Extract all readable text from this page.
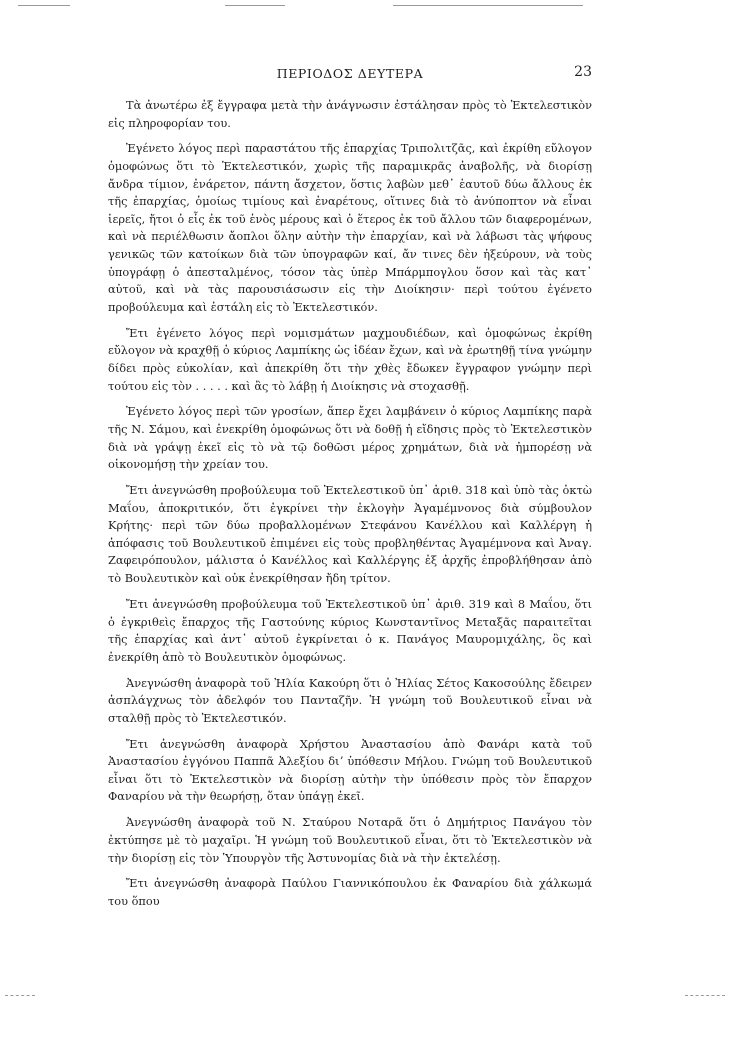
ΠΕΡΙΟΔΟΣ ΔΕΥΤΕΡΑ	23

Τὰ ἀνωτέρω ἐξ ἔγγραφα μετὰ τὴν ἀνάγνωσιν ἐστάλησαν πρὸς τὸ Ἐκτελεστικὸν εἰς πληροφορίαν του.

Ἐγένετο λόγος περὶ παραστάτου τῆς ἐπαρχίας Τριπολιτζᾶς, καὶ ἐκρίθη εὔλογον ὁμοφώνως ὅτι τὸ Ἐκτελεστικόν, χωρὶς τῆς παραμικρᾶς ἀναβολῆς, νὰ διορίσῃ ἄνδρα τίμιον, ἐνάρετον, πάντη ἄσχετον, ὅστις λαβὼν μεθ᾽ ἑαυτοῦ δύω ἄλλους ἐκ τῆς ἐπαρχίας, ὁμοίως τιμίους καὶ ἐναρέτους, οἵτινες διὰ τὸ ἀνύποπτον νὰ εἶναι ἱερεῖς, ἤτοι ὁ εἷς ἐκ τοῦ ἑνὸς μέρους καὶ ὁ ἕτερος ἐκ τοῦ ἄλλου τῶν διαφερομένων, καὶ νὰ περιέλθωσιν ἄοπλοι ὅλην αὐτὴν τὴν ἐπαρχίαν, καὶ νὰ λάβωσι τὰς ψήφους γενικῶς τῶν κατοίκων διὰ τῶν ὑπογραφῶν καί, ἄν τινες δὲν ἠξεύρουν, νὰ τοὺς ὑπογράφῃ ὁ ἀπεσταλμένος, τόσον τὰς ὑπὲρ Μπάρμπογλου ὅσον καὶ τὰς κατ᾽ αὐτοῦ, καὶ νὰ τὰς παρουσιάσωσιν εἰς τὴν Διοίκησιν· περὶ τούτου ἐγένετο προβούλευμα καὶ ἐστάλη εἰς τὸ Ἐκτελεστικόν.

Ἔτι ἐγένετο λόγος περὶ νομισμάτων μαχμουδιέδων, καὶ ὁμοφώνως ἐκρίθη εὔλογον νὰ κραχθῇ ὁ κύριος Λαμπίκης ὡς ἰδέαν ἔχων, καὶ νὰ ἐρωτηθῇ τίνα γνώμην δίδει πρὸς εὐκολίαν, καὶ ἀπεκρίθη ὅτι τὴν χθὲς ἔδωκεν ἔγγραφον γνώμην περὶ τούτου εἰς τὸν . . . . . καὶ ἂς τὸ λάβῃ ἡ Διοίκησις νὰ στοχασθῇ.

Ἐγένετο λόγος περὶ τῶν γροσίων, ἅπερ ἔχει λαμβάνειν ὁ κύριος Λαμπίκης παρὰ τῆς Ν. Σάμου, καὶ ἐνεκρίθη ὁμοφώνως ὅτι νὰ δοθῇ ἡ εἴδησις πρὸς τὸ Ἐκτελεστικὸν διὰ νὰ γράψῃ ἐκεῖ εἰς τὸ νὰ τῷ δοθῶσι μέρος χρημάτων, διὰ νὰ ἠμπορέσῃ νὰ οἰκονομήσῃ τὴν χρείαν του.

Ἔτι ἀνεγνώσθη προβούλευμα τοῦ Ἐκτελεστικοῦ ὑπ᾽ ἀριθ. 318 καὶ ὑπὸ τὰς ὀκτὼ Μαΐου, ἀποκριτικόν, ὅτι ἐγκρίνει τὴν ἐκλογὴν Ἀγαμέμνονος διὰ σύμβουλον Κρήτης· περὶ τῶν δύω προβαλλομένων Στεφάνου Κανέλλου καὶ Καλλέργη ἡ ἀπόφασις τοῦ Βουλευτικοῦ ἐπιμένει εἰς τοὺς προβληθέντας Ἀγαμέμνονα καὶ Ἀναγ. Ζαφειρόπουλον, μάλιστα ὁ Κανέλλος καὶ Καλλέργης ἐξ ἀρχῆς ἐπροβλήθησαν ἀπὸ τὸ Βουλευτικὸν καὶ οὐκ ἐνεκρίθησαν ἤδη τρίτον.

Ἔτι ἀνεγνώσθη προβούλευμα τοῦ Ἐκτελεστικοῦ ὑπ᾽ ἀριθ. 319 καὶ 8 Μαΐου, ὅτι ὁ ἐγκριθεὶς ἔπαρχος τῆς Γαστούνης κύριος Κωνσταντῖνος Μεταξᾶς παραιτεῖται τῆς ἐπαρχίας καὶ ἀντ᾽ αὐτοῦ ἐγκρίνεται ὁ κ. Πανάγος Μαυρομιχάλης, ὃς καὶ ἐνεκρίθη ἀπὸ τὸ Βουλευτικὸν ὁμοφώνως.

Ἀνεγνώσθη ἀναφορὰ τοῦ Ἠλία Κακούρη ὅτι ὁ Ἠλίας Σέτος Κακοσούλης ἔδειρεν ἀσπλάγχνως τὸν ἀδελφόν του Πανταζῆν. Ἡ γνώμη τοῦ Βουλευτικοῦ εἶναι νὰ σταλθῇ πρὸς τὸ Ἐκτελεστικόν.

Ἔτι ἀνεγνώσθη ἀναφορὰ Χρήστου Ἀναστασίου ἀπὸ Φανάρι κατὰ τοῦ Ἀναστασίου ἐγγόνου Παππᾶ Ἀλεξίου διʼ ὑπόθεσιν Μήλου. Γνώμη τοῦ Βουλευτικοῦ εἶναι ὅτι τὸ Ἐκτελεστικὸν νὰ διορίσῃ αὐτὴν τὴν ὑπόθεσιν πρὸς τὸν ἔπαρχον Φαναρίου νὰ τὴν θεωρήσῃ, ὅταν ὑπάγῃ ἐκεῖ.

Ἀνεγνώσθη ἀναφορὰ τοῦ Ν. Σταύρου Νοταρᾶ ὅτι ὁ Δημήτριος Πανάγου τὸν ἐκτύπησε μὲ τὸ μαχαῖρι. Ἡ γνώμη τοῦ Βουλευτικοῦ εἶναι, ὅτι τὸ Ἐκτελεστικὸν νὰ τὴν διορίσῃ εἰς τὸν Ὑπουργὸν τῆς Ἀστυνομίας διὰ νὰ τὴν ἐκτελέσῃ.

Ἔτι ἀνεγνώσθη ἀναφορὰ Παύλου Γιαννικόπουλου ἐκ Φαναρίου διὰ χάλκωμά του ὅπου
